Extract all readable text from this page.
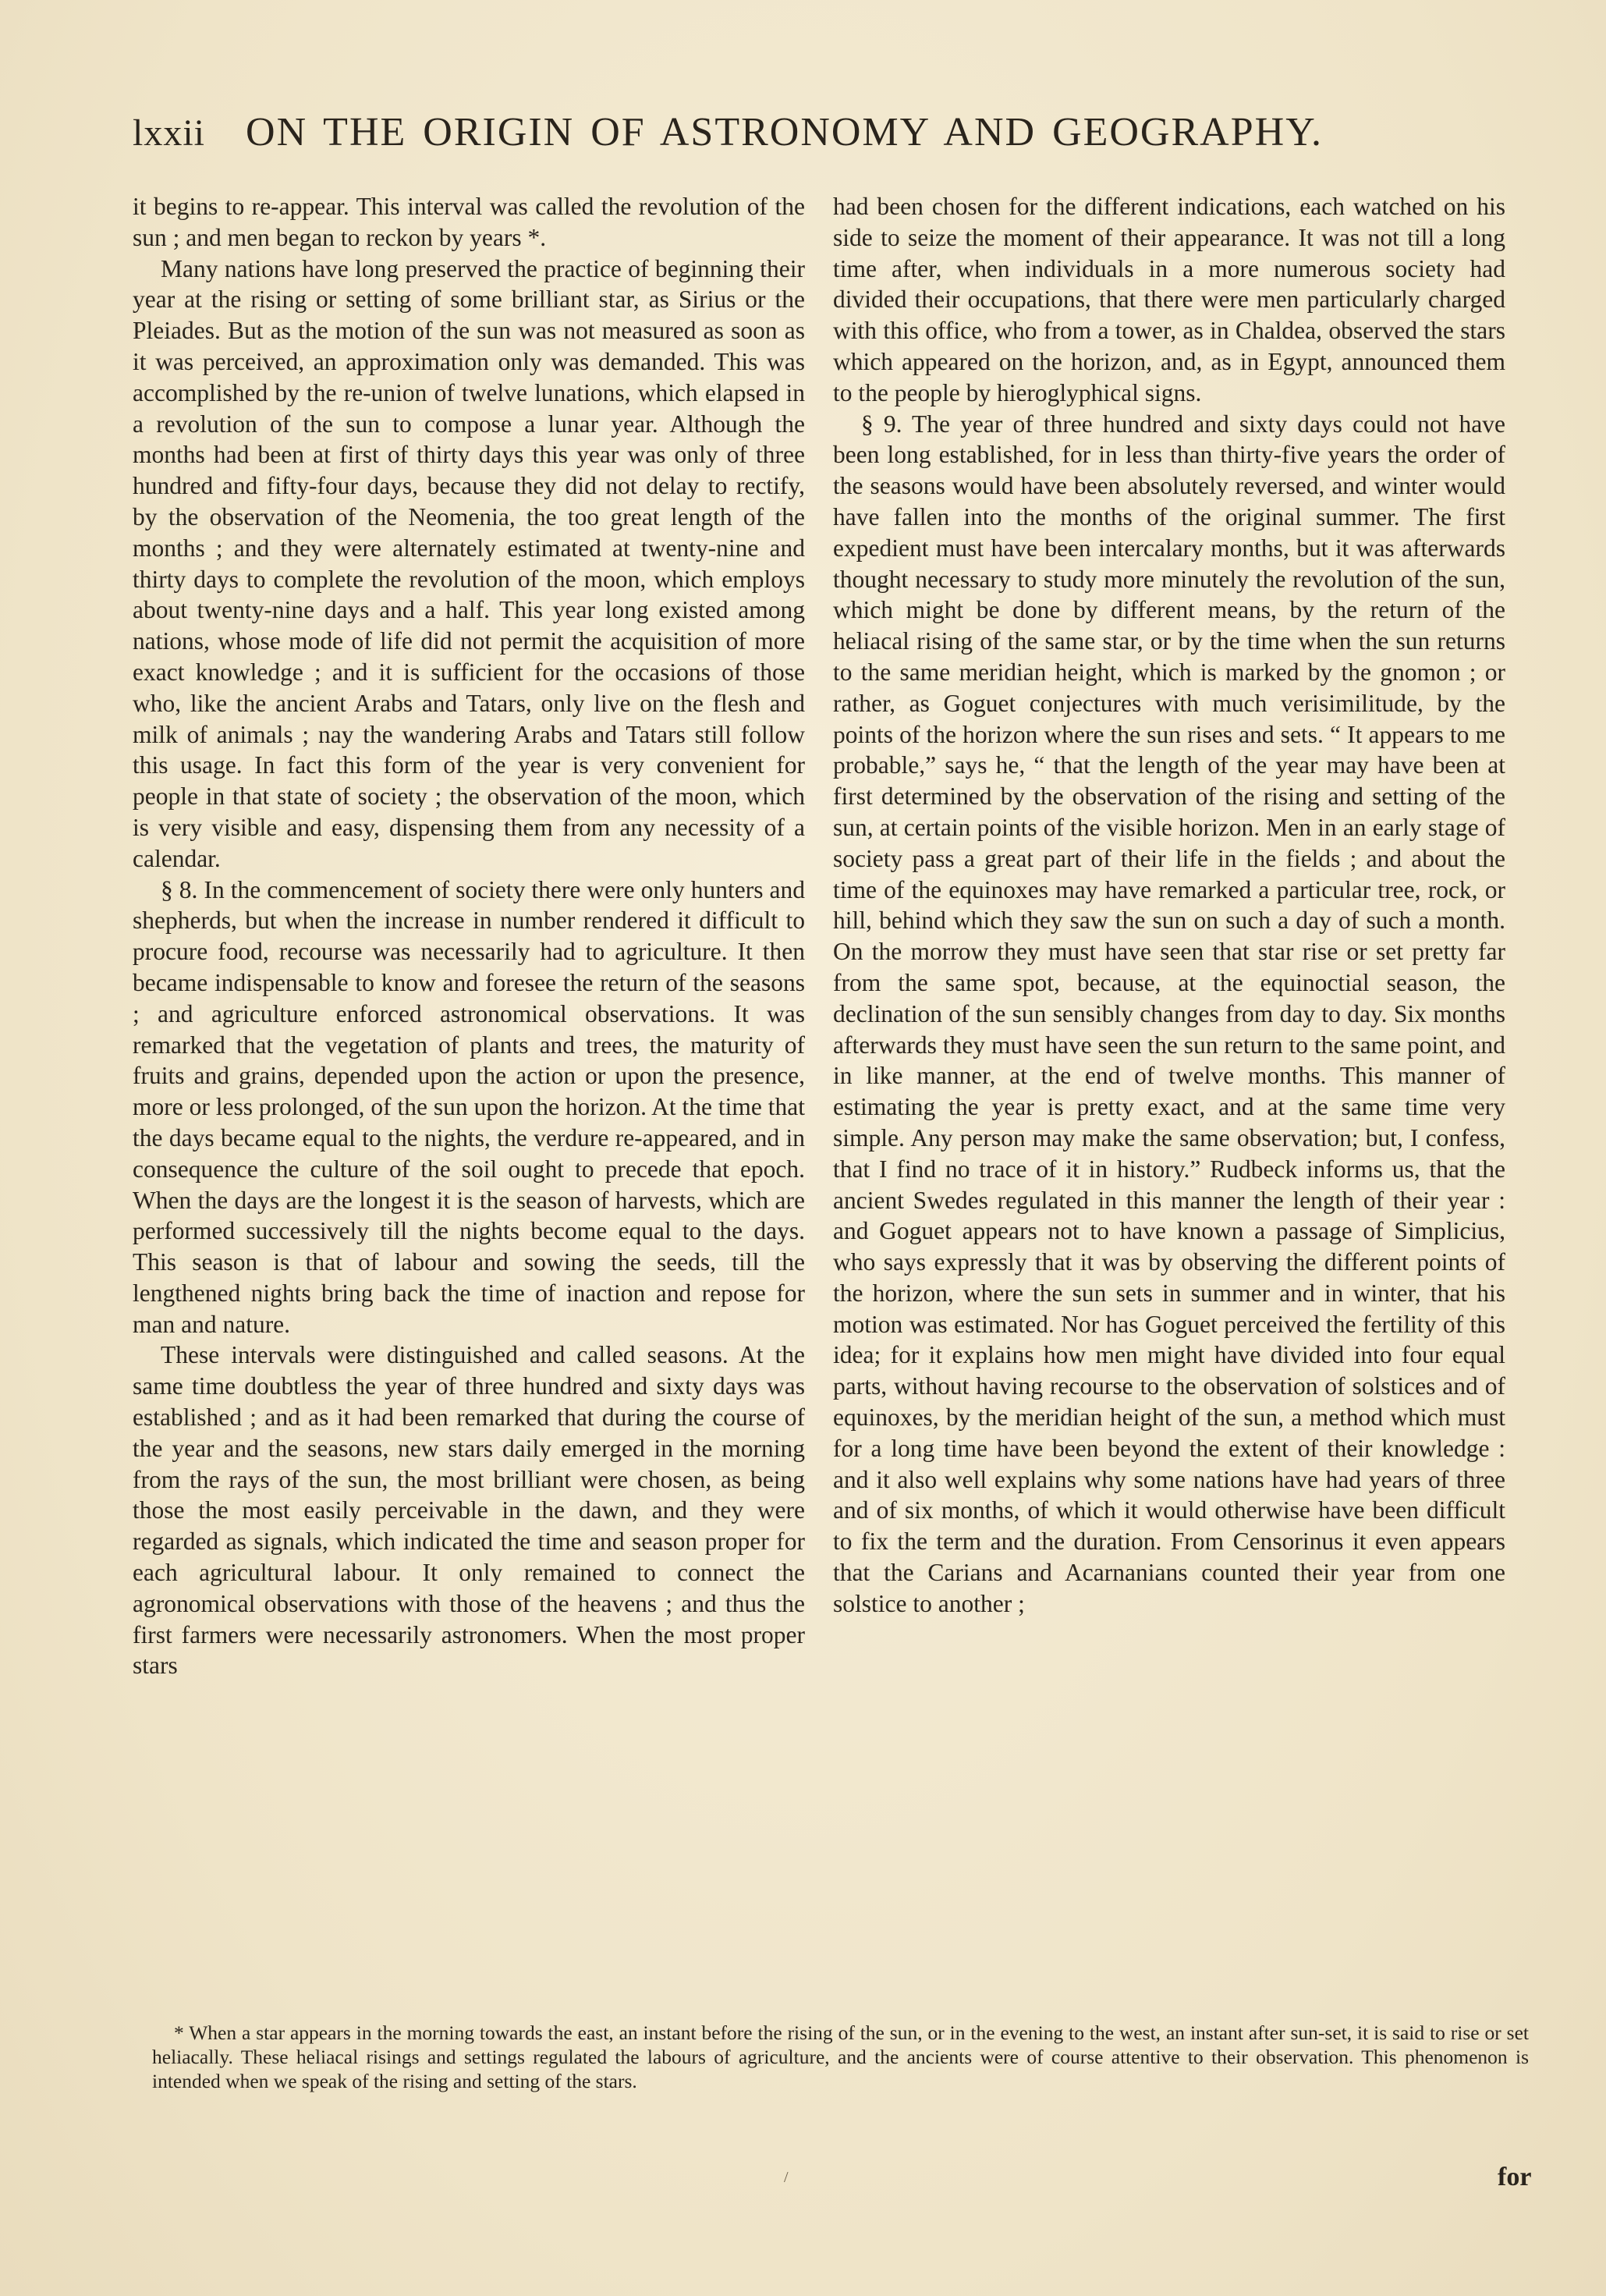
lxxii ON THE ORIGIN OF ASTRONOMY AND GEOGRAPHY.

it begins to re-appear. This interval was called the revolution of the sun ; and men began to reckon by years *.

Many nations have long preserved the practice of beginning their year at the rising or setting of some brilliant star, as Sirius or the Pleiades. But as the motion of the sun was not measured as soon as it was perceived, an approximation only was demanded. This was accomplished by the re-union of twelve lunations, which elapsed in a revolution of the sun to compose a lunar year. Although the months had been at first of thirty days this year was only of three hundred and fifty-four days, because they did not delay to rectify, by the observation of the Neomenia, the too great length of the months ; and they were alternately estimated at twenty-nine and thirty days to complete the revolution of the moon, which employs about twenty-nine days and a half. This year long existed among nations, whose mode of life did not permit the acquisition of more exact knowledge ; and it is sufficient for the occasions of those who, like the ancient Arabs and Tatars, only live on the flesh and milk of animals ; nay the wandering Arabs and Tatars still follow this usage. In fact this form of the year is very convenient for people in that state of society ; the observation of the moon, which is very visible and easy, dispensing them from any necessity of a calendar.

§ 8. In the commencement of society there were only hunters and shepherds, but when the increase in number rendered it difficult to procure food, recourse was necessarily had to agriculture. It then became indispensable to know and foresee the return of the seasons ; and agriculture enforced astronomical observations. It was remarked that the vegetation of plants and trees, the maturity of fruits and grains, depended upon the action or upon the presence, more or less prolonged, of the sun upon the horizon. At the time that the days became equal to the nights, the verdure re-appeared, and in consequence the culture of the soil ought to precede that epoch. When the days are the longest it is the season of harvests, which are performed successively till the nights become equal to the days. This season is that of labour and sowing the seeds, till the lengthened nights bring back the time of inaction and repose for man and nature.

These intervals were distinguished and called seasons. At the same time doubtless the year of three hundred and sixty days was established ; and as it had been remarked that during the course of the year and the seasons, new stars daily emerged in the morning from the rays of the sun, the most brilliant were chosen, as being those the most easily perceivable in the dawn, and they were regarded as signals, which indicated the time and season proper for each agricultural labour. It only remained to connect the agronomical observations with those of the heavens ; and thus the first farmers were necessarily astronomers. When the most proper stars

had been chosen for the different indications, each watched on his side to seize the moment of their appearance. It was not till a long time after, when individuals in a more numerous society had divided their occupations, that there were men particularly charged with this office, who from a tower, as in Chaldea, observed the stars which appeared on the horizon, and, as in Egypt, announced them to the people by hieroglyphical signs.

§ 9. The year of three hundred and sixty days could not have been long established, for in less than thirty-five years the order of the seasons would have been absolutely reversed, and winter would have fallen into the months of the original summer. The first expedient must have been intercalary months, but it was afterwards thought necessary to study more minutely the revolution of the sun, which might be done by different means, by the return of the heliacal rising of the same star, or by the time when the sun returns to the same meridian height, which is marked by the gnomon ; or rather, as Goguet conjectures with much verisimilitude, by the points of the horizon where the sun rises and sets. “ It appears to me probable,” says he, “ that the length of the year may have been at first determined by the observation of the rising and setting of the sun, at certain points of the visible horizon. Men in an early stage of society pass a great part of their life in the fields ; and about the time of the equinoxes may have remarked a particular tree, rock, or hill, behind which they saw the sun on such a day of such a month. On the morrow they must have seen that star rise or set pretty far from the same spot, because, at the equinoctial season, the declination of the sun sensibly changes from day to day. Six months afterwards they must have seen the sun return to the same point, and in like manner, at the end of twelve months. This manner of estimating the year is pretty exact, and at the same time very simple. Any person may make the same observation; but, I confess, that I find no trace of it in history.” Rudbeck informs us, that the ancient Swedes regulated in this manner the length of their year : and Goguet appears not to have known a passage of Simplicius, who says expressly that it was by observing the different points of the horizon, where the sun sets in summer and in winter, that his motion was estimated. Nor has Goguet perceived the fertility of this idea; for it explains how men might have divided into four equal parts, without having recourse to the observation of solstices and of equinoxes, by the meridian height of the sun, a method which must for a long time have been beyond the extent of their knowledge : and it also well explains why some nations have had years of three and of six months, of which it would otherwise have been difficult to fix the term and the duration. From Censorinus it even appears that the Carians and Acarnanians counted their year from one solstice to another ;

* When a star appears in the morning towards the east, an instant before the rising of the sun, or in the evening to the west, an instant after sun-set, it is said to rise or set heliacally. These heliacal risings and settings regulated the labours of agriculture, and the ancients were of course attentive to their observation. This phenomenon is intended when we speak of the rising and setting of the stars.
/	for
